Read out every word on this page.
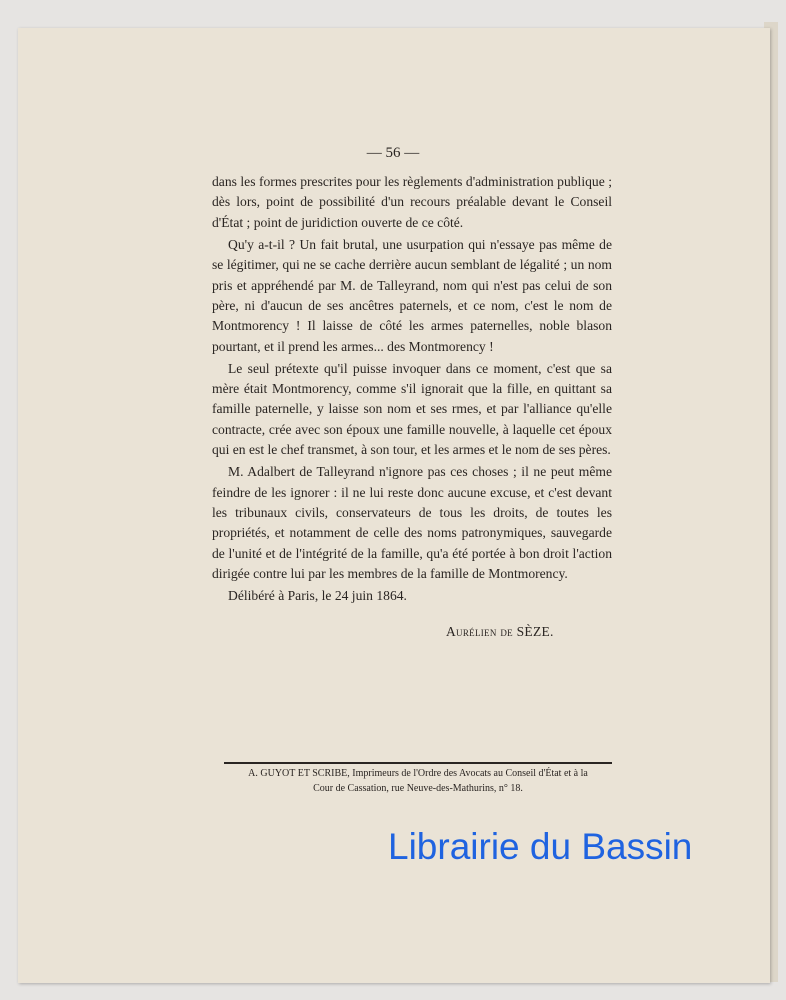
— 56 —

dans les formes prescrites pour les règlements d'administration publique ; dès lors, point de possibilité d'un recours préalable devant le Conseil d'État ; point de juridiction ouverte de ce côté.

Qu'y a-t-il ? Un fait brutal, une usurpation qui n'essaye pas même de se légitimer, qui ne se cache derrière aucun semblant de légalité ; un nom pris et appréhendé par M. de Talleyrand, nom qui n'est pas celui de son père, ni d'aucun de ses ancêtres paternels, et ce nom, c'est le nom de Montmorency ! Il laisse de côté les armes paternelles, noble blason pourtant, et il prend les armes... des Montmorency !

Le seul prétexte qu'il puisse invoquer dans ce moment, c'est que sa mère était Montmorency, comme s'il ignorait que la fille, en quittant sa famille paternelle, y laisse son nom et ses rmes, et par l'alliance qu'elle contracte, crée avec son époux une famille nouvelle, à laquelle cet époux qui en est le chef transmet, à son tour, et les armes et le nom de ses pères.

M. Adalbert de Talleyrand n'ignore pas ces choses ; il ne peut même feindre de les ignorer : il ne lui reste donc aucune excuse, et c'est devant les tribunaux civils, conservateurs de tous les droits, de toutes les propriétés, et notamment de celle des noms patronymiques, sauvegarde de l'unité et de l'intégrité de la famille, qu'a été portée à bon droit l'action dirigée contre lui par les membres de la famille de Montmorency.

Délibéré à Paris, le 24 juin 1864.

Aurélien de SÈZE.
A. GUYOT ET SCRIBE, Imprimeurs de l'Ordre des Avocats au Conseil d'État et à la
Cour de Cassation, rue Neuve-des-Mathurins, n° 18.
Librairie du Bassin
